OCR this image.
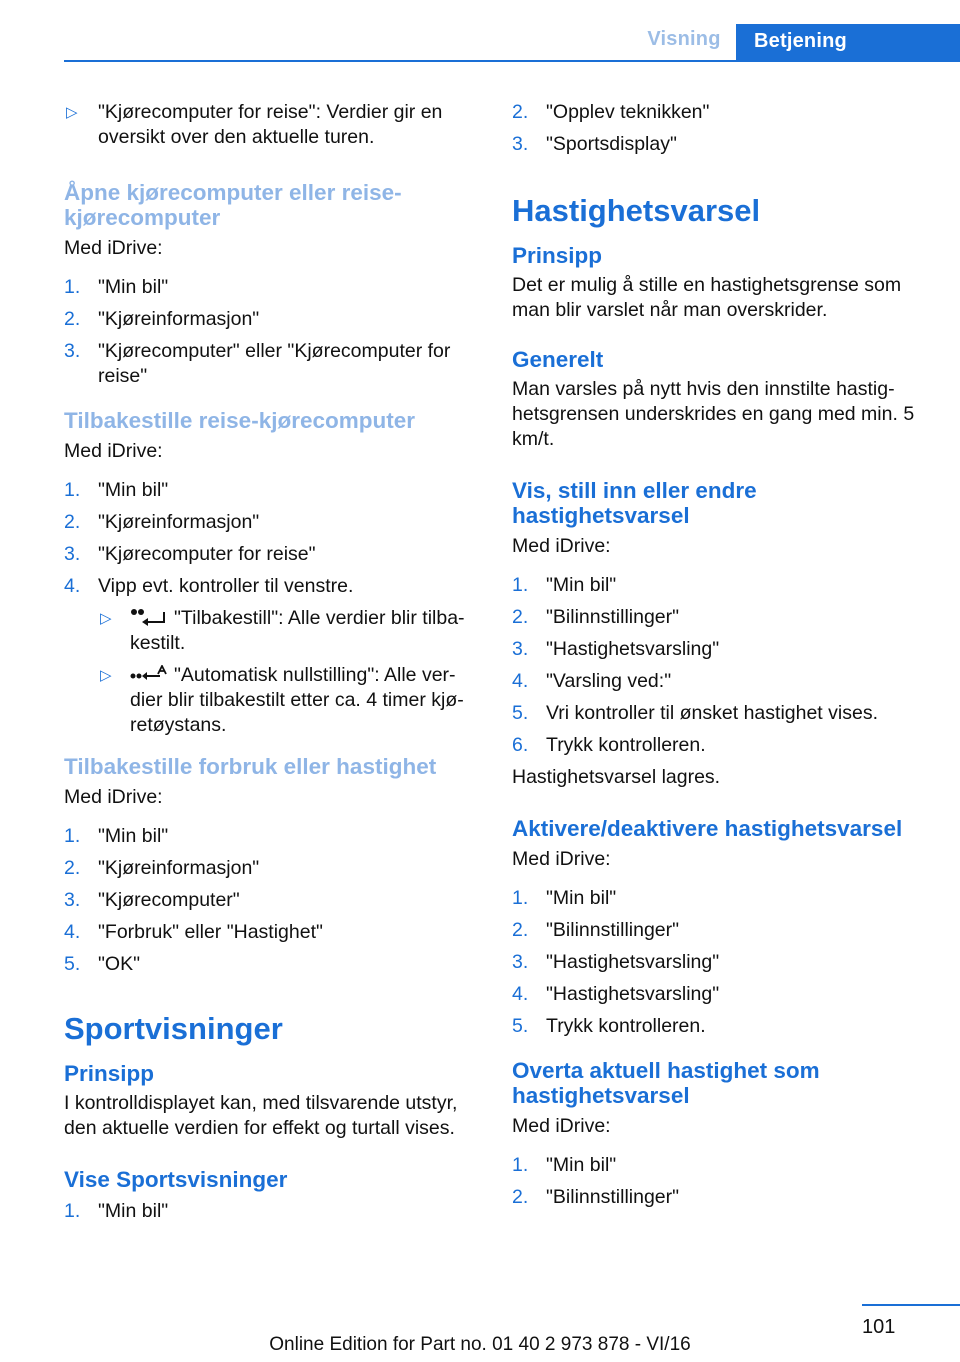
Visning	Betjening
▷ "Kjørecomputer for reise": Verdier gir en oversikt over den aktuelle turen.
Åpne kjørecomputer eller reise-kjørecomputer
Med iDrive:
1. "Min bil"
2. "Kjøreinformasjon"
3. "Kjørecomputer" eller "Kjørecomputer for reise"
Tilbakestille reise-kjørecomputer
Med iDrive:
1. "Min bil"
2. "Kjøreinformasjon"
3. "Kjørecomputer for reise"
4. Vipp evt. kontroller til venstre.
▷	"Tilbakestill": Alle verdier blir tilba-kestilt.
▷	"Automatisk nullstilling": Alle ver-dier blir tilbakestilt etter ca. 4 timer kjø-retøystans.
Tilbakestille forbruk eller hastighet
Med iDrive:
1. "Min bil"
2. "Kjøreinformasjon"
3. "Kjørecomputer"
4. "Forbruk" eller "Hastighet"
5. "OK"
Sportvisninger
Prinsipp
I kontrolldisplayet kan, med tilsvarende utstyr, den aktuelle verdien for effekt og turtall vises.
Vise Sportsvisninger
1. "Min bil"
2. "Opplev teknikken"
3. "Sportsdisplay"
Hastighetsvarsel
Prinsipp
Det er mulig å stille en hastighetsgrense som man blir varslet når man overskrider.
Generelt
Man varsles på nytt hvis den innstilte hastig-hetsgrensen underskrides en gang med min. 5 km/t.
Vis, still inn eller endre hastighetsvarsel
Med iDrive:
1. "Min bil"
2. "Bilinnstillinger"
3. "Hastighetsvarsling"
4. "Varsling ved:"
5. Vri kontroller til ønsket hastighet vises.
6. Trykk kontrolleren.
Hastighetsvarsel lagres.
Aktivere/deaktivere hastighetsvarsel
Med iDrive:
1. "Min bil"
2. "Bilinnstillinger"
3. "Hastighetsvarsling"
4. "Hastighetsvarsling"
5. Trykk kontrolleren.
Overta aktuell hastighet som hastighetsvarsel
Med iDrive:
1. "Min bil"
2. "Bilinnstillinger"
101
Online Edition for Part no. 01 40 2 973 878 - VI/16
